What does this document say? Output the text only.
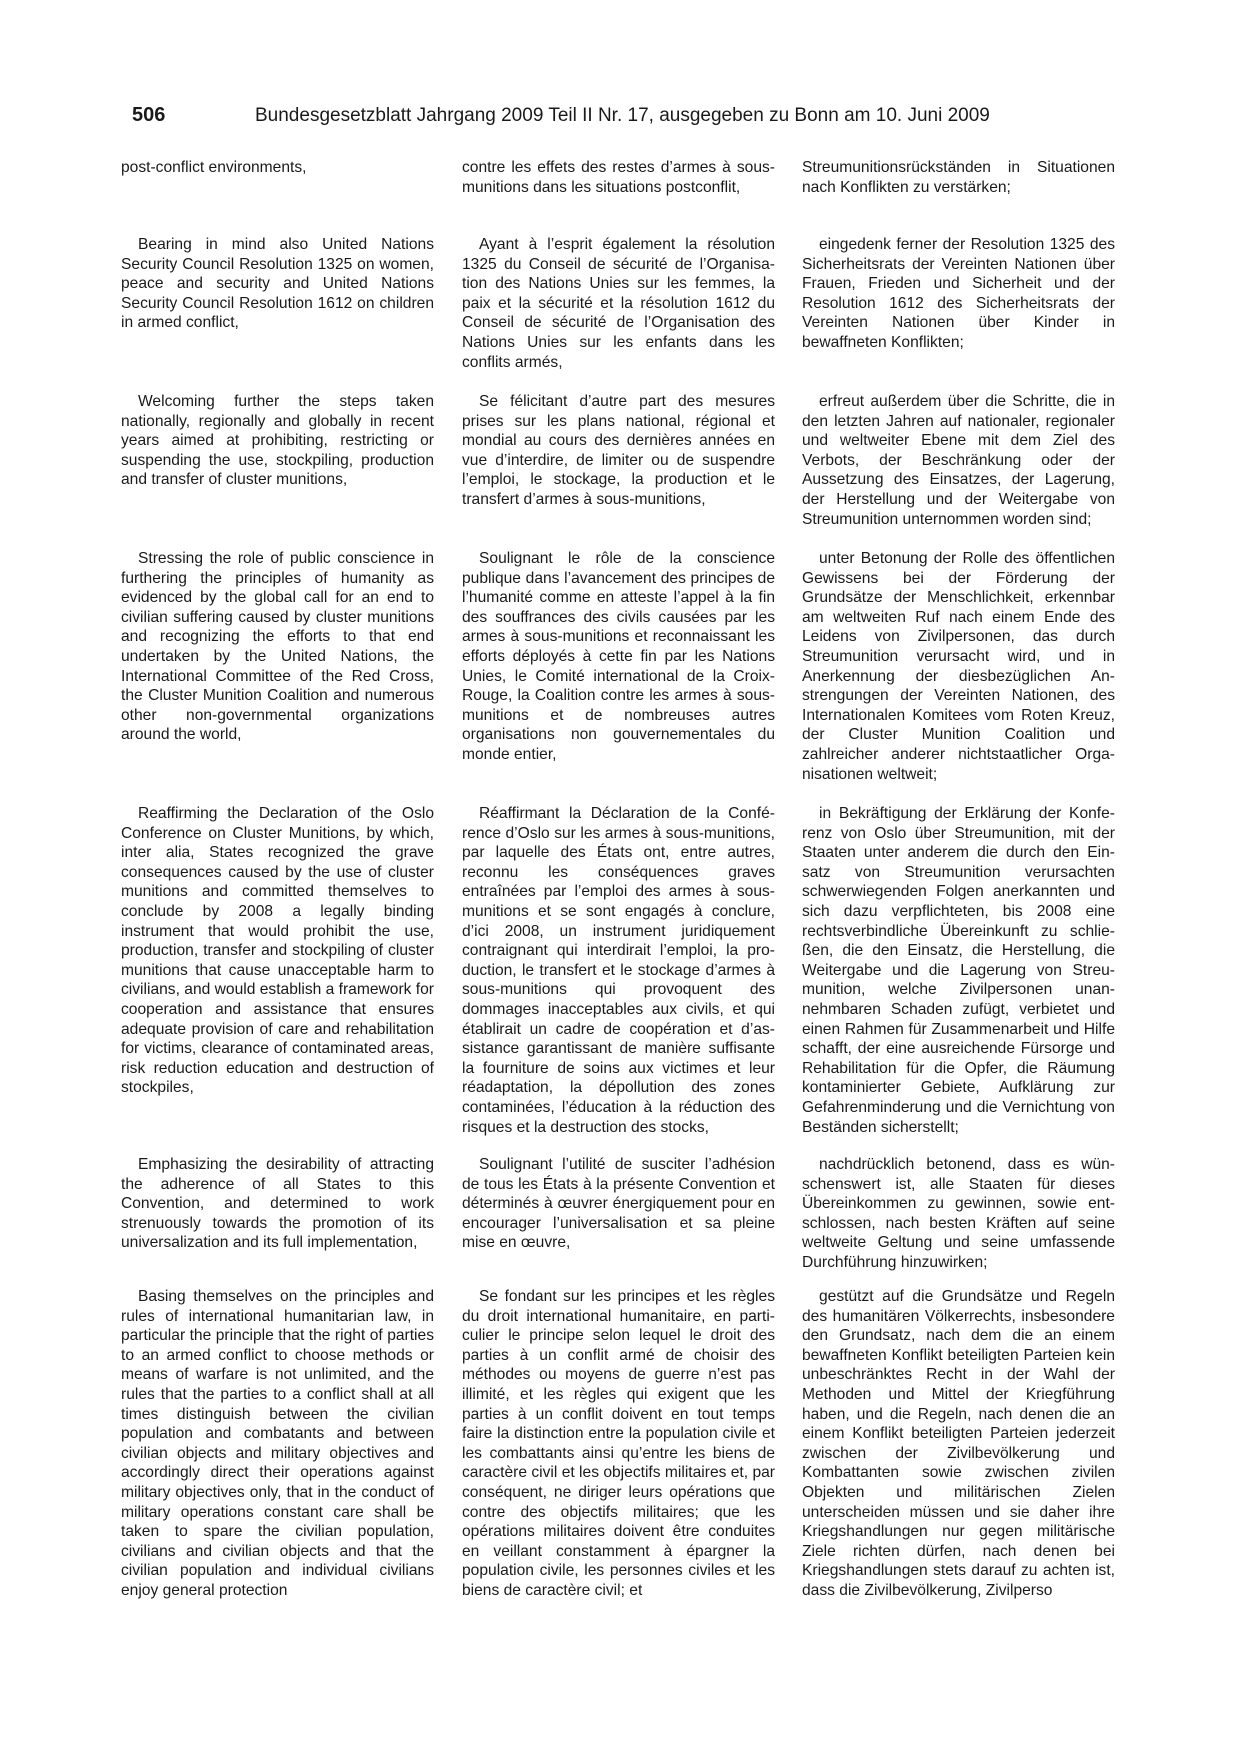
506	Bundesgesetzblatt Jahrgang 2009 Teil II Nr. 17, ausgegeben zu Bonn am 10. Juni 2009

post-conflict environments,

Bearing in mind also United Nations Security Council Resolution 1325 on women, peace and security and United Nations Security Council Resolution 1612 on children in armed conflict,

Welcoming further the steps taken nationally, regionally and globally in recent years aimed at prohibiting, restricting or suspending the use, stockpiling, production and transfer of cluster munitions,

Stressing the role of public conscience in furthering the principles of humanity as evidenced by the global call for an end to civilian suffering caused by cluster munitions and recognizing the efforts to that end undertaken by the United Nations, the International Committee of the Red Cross, the Cluster Munition Coalition and numerous other non-governmental organizations around the world,

Reaffirming the Declaration of the Oslo Conference on Cluster Munitions, by which, inter alia, States recognized the grave consequences caused by the use of cluster munitions and committed themselves to conclude by 2008 a legally binding instrument that would prohibit the use, production, transfer and stockpiling of cluster munitions that cause unacceptable harm to civilians, and would establish a framework for cooperation and assistance that ensures adequate provision of care and rehabilitation for victims, clearance of contaminated areas, risk reduction education and destruction of stockpiles,

Emphasizing the desirability of attracting the adherence of all States to this Convention, and determined to work strenuously towards the promotion of its universalization and its full implementation,

Basing themselves on the principles and rules of international humanitarian law, in particular the principle that the right of parties to an armed conflict to choose methods or means of warfare is not unlimited, and the rules that the parties to a conflict shall at all times distinguish between the civilian population and combatants and between civilian objects and military objectives and accordingly direct their operations against military objectives only, that in the conduct of military operations constant care shall be taken to spare the civilian population, civilians and civilian objects and that the civilian population and individual civilians enjoy general protection

contre les effets des restes d’armes à sous-munitions dans les situations postconflit,

Ayant à l’esprit également la résolution 1325 du Conseil de sécurité de l’Organisation des Nations Unies sur les femmes, la paix et la sécurité et la résolution 1612 du Conseil de sécurité de l’Organisation des Nations Unies sur les enfants dans les conflits armés,

Se félicitant d’autre part des mesures prises sur les plans national, régional et mondial au cours des dernières années en vue d’interdire, de limiter ou de suspendre l’emploi, le stockage, la production et le transfert d’armes à sous-munitions,

Soulignant le rôle de la conscience publique dans l’avancement des principes de l’humanité comme en atteste l’appel à la fin des souffrances des civils causées par les armes à sous-munitions et reconnaissant les efforts déployés à cette fin par les Nations Unies, le Comité international de la Croix-Rouge, la Coalition contre les armes à sous-munitions et de nombreuses autres organisations non gouvernementales du monde entier,

Réaffirmant la Déclaration de la Conférence d’Oslo sur les armes à sous-munitions, par laquelle des États ont, entre autres, reconnu les conséquences graves entraînées par l’emploi des armes à sous-munitions et se sont engagés à conclure, d’ici 2008, un instrument juridiquement contraignant qui interdirait l’emploi, la production, le transfert et le stockage d’armes à sous-munitions qui provoquent des dommages inacceptables aux civils, et qui établirait un cadre de coopération et d’assistance garantissant de manière suffisante la fourniture de soins aux victimes et leur réadaptation, la dépollution des zones contaminées, l’éducation à la réduction des risques et la destruction des stocks,

Soulignant l’utilité de susciter l’adhésion de tous les États à la présente Convention et déterminés à œuvrer énergiquement pour en encourager l’universalisation et sa pleine mise en œuvre,

Se fondant sur les principes et les règles du droit international humanitaire, en particulier le principe selon lequel le droit des parties à un conflit armé de choisir des méthodes ou moyens de guerre n’est pas illimité, et les règles qui exigent que les parties à un conflit doivent en tout temps faire la distinction entre la population civile et les combattants ainsi qu’entre les biens de caractère civil et les objectifs militaires et, par conséquent, ne diriger leurs opérations que contre des objectifs militaires; que les opérations militaires doivent être conduites en veillant constamment à épargner la population civile, les personnes civiles et les biens de caractère civil; et

Streumunitionsrückständen in Situationen nach Konflikten zu verstärken;

eingedenk ferner der Resolution 1325 des Sicherheitsrats der Vereinten Nationen über Frauen, Frieden und Sicherheit und der Resolution 1612 des Sicherheitsrats der Vereinten Nationen über Kinder in bewaffneten Konflikten;

erfreut außerdem über die Schritte, die in den letzten Jahren auf nationaler, regionaler und weltweiter Ebene mit dem Ziel des Verbots, der Beschränkung oder der Aussetzung des Einsatzes, der Lagerung, der Herstellung und der Weitergabe von Streumunition unternommen worden sind;

unter Betonung der Rolle des öffentlichen Gewissens bei der Förderung der Grundsätze der Menschlichkeit, erkennbar am weltweiten Ruf nach einem Ende des Leidens von Zivilpersonen, das durch Streumunition verursacht wird, und in Anerkennung der diesbezüglichen Anstrengungen der Vereinten Nationen, des Internationalen Komitees vom Roten Kreuz, der Cluster Munition Coalition und zahlreicher anderer nichtstaatlicher Organisationen weltweit;

in Bekräftigung der Erklärung der Konferenz von Oslo über Streumunition, mit der Staaten unter anderem die durch den Einsatz von Streumunition verursachten schwerwiegenden Folgen anerkannten und sich dazu verpflichteten, bis 2008 eine rechtsverbindliche Übereinkunft zu schließen, die den Einsatz, die Herstellung, die Weitergabe und die Lagerung von Streumunition, welche Zivilpersonen unannehmbaren Schaden zufügt, verbietet und einen Rahmen für Zusammenarbeit und Hilfe schafft, der eine ausreichende Fürsorge und Rehabilitation für die Opfer, die Räumung kontaminierter Gebiete, Aufklärung zur Gefahrenminderung und die Vernichtung von Beständen sicherstellt;

nachdrücklich betonend, dass es wünschenswert ist, alle Staaten für dieses Übereinkommen zu gewinnen, sowie entschlossen, nach besten Kräften auf seine weltweite Geltung und seine umfassende Durchführung hinzuwirken;

gestützt auf die Grundsätze und Regeln des humanitären Völkerrechts, insbesondere den Grundsatz, nach dem die an einem bewaffneten Konflikt beteiligten Parteien kein unbeschränktes Recht in der Wahl der Methoden und Mittel der Kriegführung haben, und die Regeln, nach denen die an einem Konflikt beteiligten Parteien jederzeit zwischen der Zivilbevölkerung und Kombattanten sowie zwischen zivilen Objekten und militärischen Zielen unterscheiden müssen und sie daher ihre Kriegshandlungen nur gegen militärische Ziele richten dürfen, nach denen bei Kriegshandlungen stets darauf zu achten ist, dass die Zivilbevölkerung, Zivilperso
